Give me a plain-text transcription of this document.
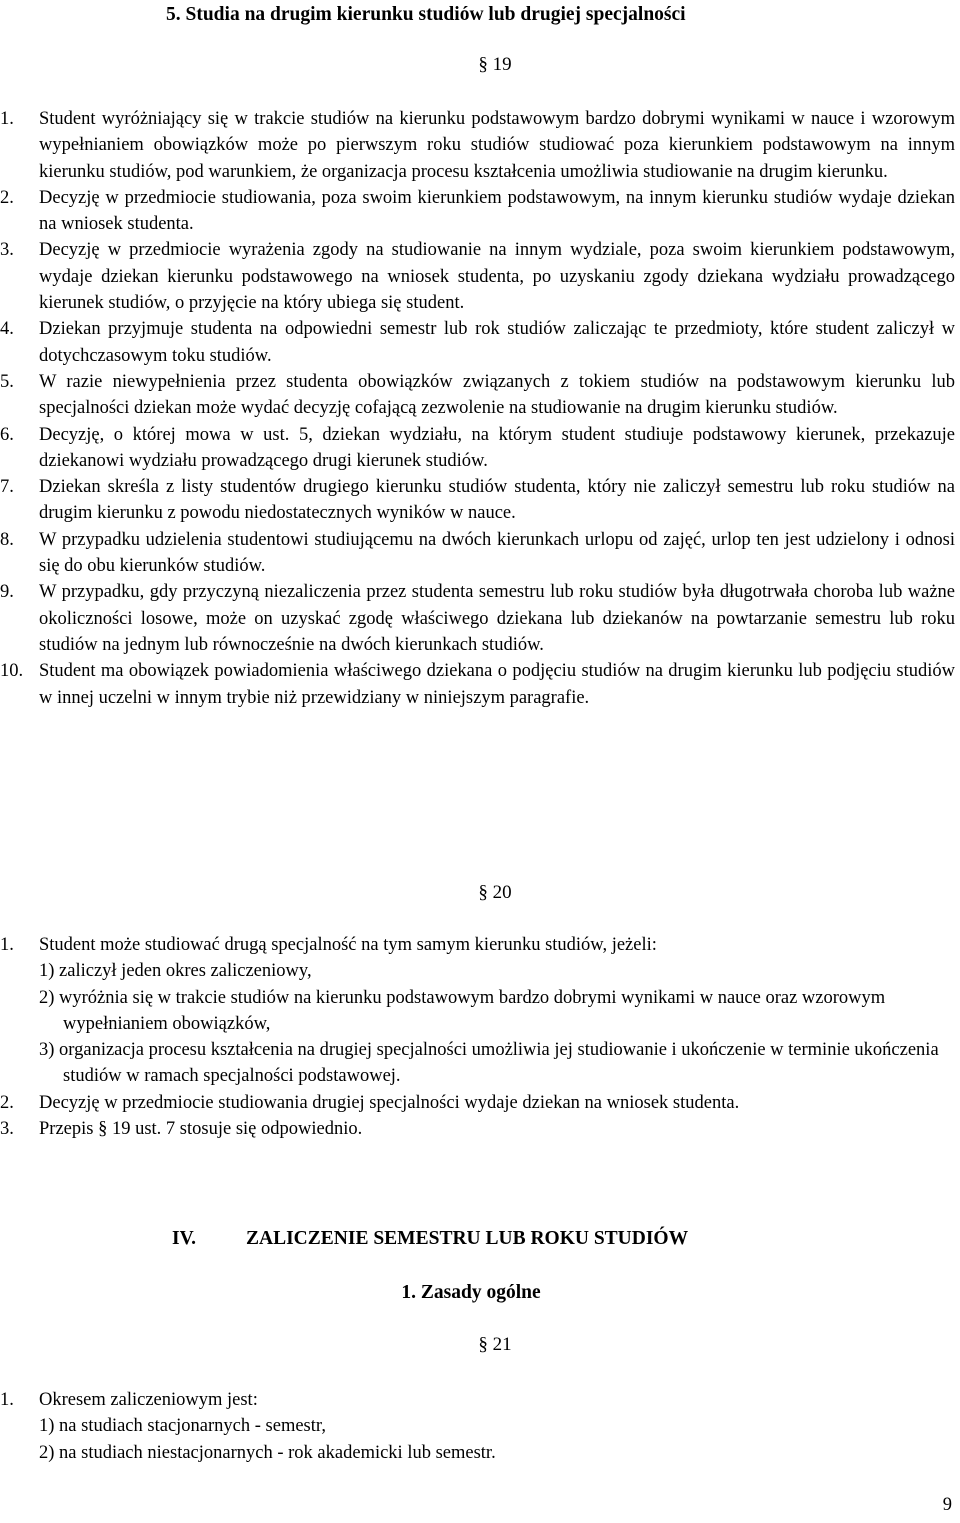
5. Studia na drugim kierunku studiów lub drugiej specjalności
§ 19
1. Student wyróżniający się w trakcie studiów na kierunku podstawowym bardzo dobrymi wynikami w nauce i wzorowym wypełnianiem obowiązków może po pierwszym roku studiów studiować poza kierunkiem podstawowym na innym kierunku studiów, pod warunkiem, że organizacja procesu kształcenia umożliwia studiowanie na drugim kierunku.
2. Decyzję w przedmiocie studiowania, poza swoim kierunkiem podstawowym, na innym kierunku studiów wydaje dziekan na wniosek studenta.
3. Decyzję w przedmiocie wyrażenia zgody na studiowanie na innym wydziale, poza swoim kierunkiem podstawowym, wydaje dziekan kierunku podstawowego na wniosek studenta, po uzyskaniu zgody dziekana wydziału prowadzącego kierunek studiów, o przyjęcie na który ubiega się student.
4. Dziekan przyjmuje studenta na odpowiedni semestr lub rok studiów zaliczając te przedmioty, które student zaliczył w dotychczasowym toku studiów.
5. W razie niewypełnienia przez studenta obowiązków związanych z tokiem studiów na podstawowym kierunku lub specjalności dziekan może wydać decyzję cofającą zezwolenie na studiowanie na drugim kierunku studiów.
6. Decyzję, o której mowa w ust. 5, dziekan wydziału, na którym student studiuje podstawowy kierunek, przekazuje dziekanowi wydziału prowadzącego drugi kierunek studiów.
7. Dziekan skreśla z listy studentów drugiego kierunku studiów studenta, który nie zaliczył semestru lub roku studiów na drugim kierunku z powodu niedostatecznych wyników w nauce.
8. W przypadku udzielenia studentowi studiującemu na dwóch kierunkach urlopu od zajęć, urlop ten jest udzielony i odnosi się do obu kierunków studiów.
9. W przypadku, gdy przyczyną niezaliczenia przez studenta semestru lub roku studiów była długotrwała choroba lub ważne okoliczności losowe, może on uzyskać zgodę właściwego dziekana lub dziekanów na powtarzanie semestru lub roku studiów na jednym lub równocześnie na dwóch kierunkach studiów.
10. Student ma obowiązek powiadomienia właściwego dziekana o podjęciu studiów na drugim kierunku lub podjęciu studiów w innej uczelni w innym trybie niż przewidziany w niniejszym paragrafie.
§ 20
1. Student może studiować drugą specjalność na tym samym kierunku studiów, jeżeli:
1) zaliczył jeden okres zaliczeniowy,
2) wyróżnia się w trakcie studiów na kierunku podstawowym bardzo dobrymi wynikami w nauce oraz wzorowym wypełnianiem obowiązków,
3) organizacja procesu kształcenia na drugiej specjalności umożliwia jej studiowanie i ukończenie w terminie ukończenia studiów w ramach specjalności podstawowej.
2. Decyzję w przedmiocie studiowania drugiej specjalności wydaje dziekan na wniosek studenta.
3. Przepis § 19 ust. 7 stosuje się odpowiednio.
IV.	ZALICZENIE SEMESTRU LUB ROKU STUDIÓW
1. Zasady ogólne
§ 21
1. Okresem zaliczeniowym jest:
1) na studiach stacjonarnych - semestr,
2) na studiach niestacjonarnych - rok akademicki lub semestr.
9
